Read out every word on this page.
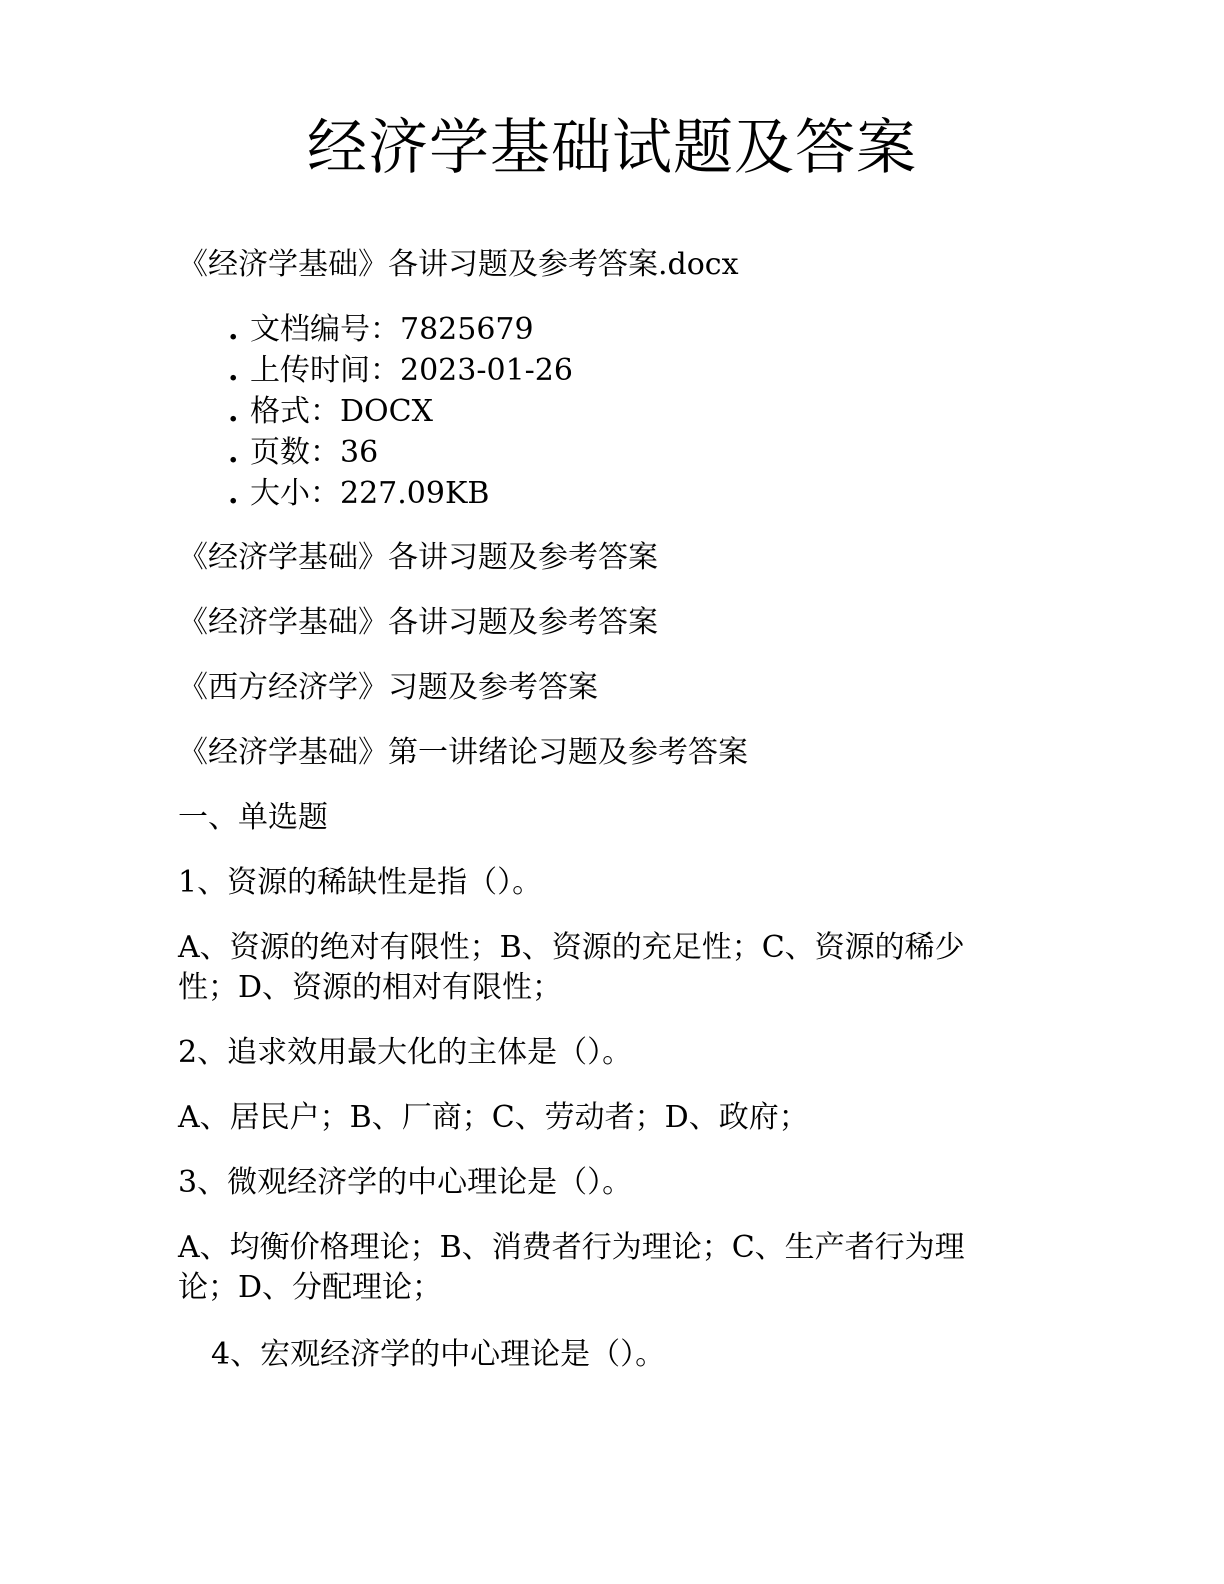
经济学基础试题及答案
《经济学基础》各讲习题及参考答案.docx
. 文档编号：7825679
. 上传时间：2023-01-26
. 格式：DOCX
. 页数：36
. 大小：227.09KB
《经济学基础》各讲习题及参考答案
《经济学基础》各讲习题及参考答案
《西方经济学》习题及参考答案
《经济学基础》第一讲绪论习题及参考答案
一、单选题
1、资源的稀缺性是指（）。
A、资源的绝对有限性；B、资源的充足性；C、资源的稀少性；D、资源的相对有限性；
2、追求效用最大化的主体是（）。
A、居民户；B、厂商；C、劳动者；D、政府；
3、微观经济学的中心理论是（）。
A、均衡价格理论；B、消费者行为理论；C、生产者行为理论；D、分配理论；
4、宏观经济学的中心理论是（）。
